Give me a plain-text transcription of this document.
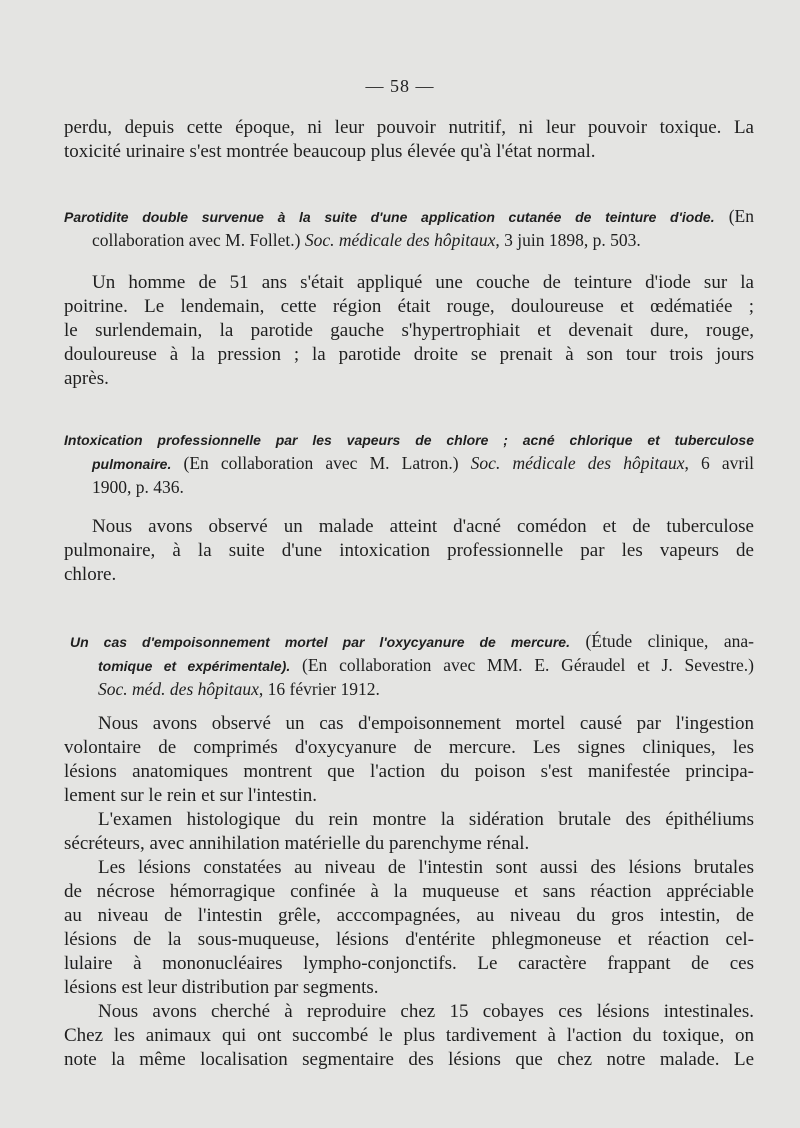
— 58 —
perdu, depuis cette époque, ni leur pouvoir nutritif, ni leur pouvoir toxique. La
toxicité urinaire s'est montrée beaucoup plus élevée qu'à l'état normal.
Parotidite double survenue à la suite d'une application cutanée de teinture d'iode. (En
collaboration avec M. Follet.) Soc. médicale des hôpitaux, 3 juin 1898, p. 503.
Un homme de 51 ans s'était appliqué une couche de teinture d'iode sur la
poitrine. Le lendemain, cette région était rouge, douloureuse et œdématiée ;
le surlendemain, la parotide gauche s'hypertrophiait et devenait dure, rouge,
douloureuse à la pression ; la parotide droite se prenait à son tour trois jours
après.
Intoxication professionnelle par les vapeurs de chlore ; acné chlorique et tuberculose
pulmonaire. (En collaboration avec M. Latron.) Soc. médicale des hôpitaux, 6 avril
1900, p. 436.
Nous avons observé un malade atteint d'acné comédon et de tuberculose
pulmonaire, à la suite d'une intoxication professionnelle par les vapeurs de
chlore.
Un cas d'empoisonnement mortel par l'oxycyanure de mercure. (Étude clinique, ana-
tomique et expérimentale). (En collaboration avec MM. E. Géraudel et J. Sevestre.)
Soc. méd. des hôpitaux, 16 février 1912.
Nous avons observé un cas d'empoisonnement mortel causé par l'ingestion
volontaire de comprimés d'oxycyanure de mercure. Les signes cliniques, les
lésions anatomiques montrent que l'action du poison s'est manifestée principa-
lement sur le rein et sur l'intestin.
L'examen histologique du rein montre la sidération brutale des épithéliums
sécréteurs, avec annihilation matérielle du parenchyme rénal.
Les lésions constatées au niveau de l'intestin sont aussi des lésions brutales
de nécrose hémorragique confinée à la muqueuse et sans réaction appréciable
au niveau de l'intestin grêle, acccompagnées, au niveau du gros intestin, de
lésions de la sous-muqueuse, lésions d'entérite phlegmoneuse et réaction cel-
lulaire à mononucléaires lympho-conjonctifs. Le caractère frappant de ces
lésions est leur distribution par segments.
Nous avons cherché à reproduire chez 15 cobayes ces lésions intestinales.
Chez les animaux qui ont succombé le plus tardivement à l'action du toxique, on
note la même localisation segmentaire des lésions que chez notre malade. Le
